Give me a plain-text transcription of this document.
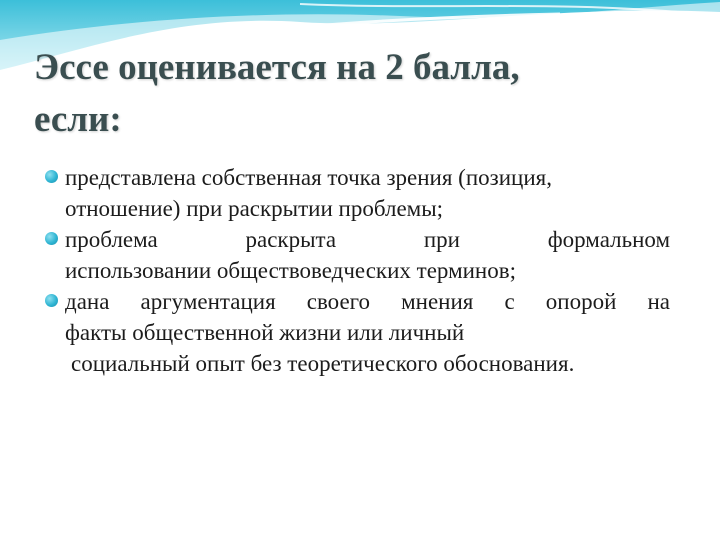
Эссе оценивается на 2 балла,
если:
представлена собственная точка зрения (позиция,
отношение) при раскрытии проблемы;
проблема раскрыта при формальном
использовании обществоведческих терминов;
дана аргументация своего мнения с опорой на
факты общественной жизни или личный
социальный опыт без теоретического обоснования.
